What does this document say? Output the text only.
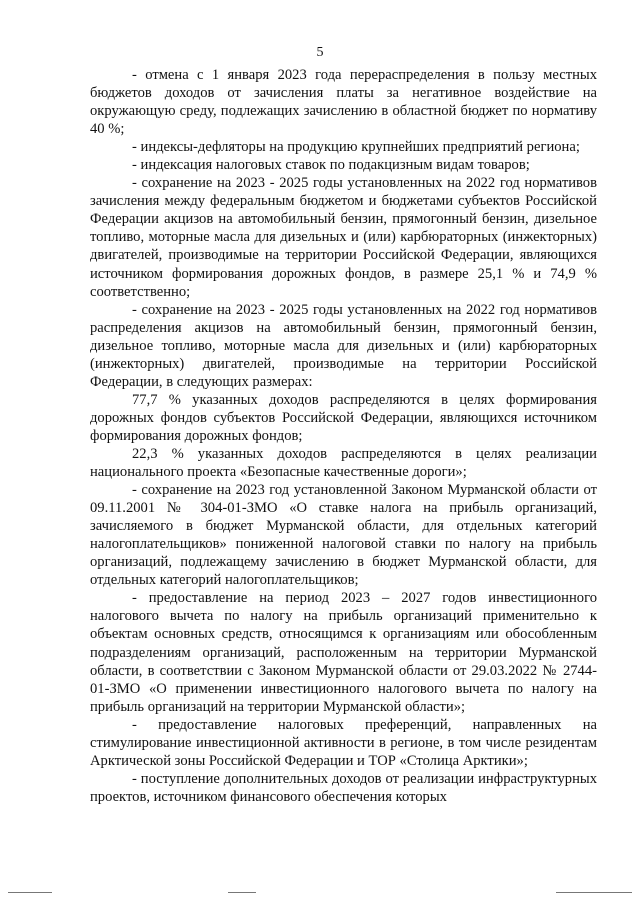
5

- отмена с 1 января 2023 года перераспределения в пользу местных бюджетов доходов от зачисления платы за негативное воздействие на окружающую среду, подлежащих зачислению в областной бюджет по нормативу 40 %;

- индексы-дефляторы на продукцию крупнейших предприятий региона;

- индексация налоговых ставок по подакцизным видам товаров;

- сохранение на 2023 - 2025 годы установленных на 2022 год нормативов зачисления между федеральным бюджетом и бюджетами субъектов Российской Федерации акцизов на автомобильный бензин, прямогонный бензин, дизельное топливо, моторные масла для дизельных и (или) карбюраторных (инжекторных) двигателей, производимые на территории Российской Федерации, являющихся источником формирования дорожных фондов, в размере 25,1 % и 74,9 % соответственно;

- сохранение на 2023 - 2025 годы установленных на 2022 год нормативов распределения акцизов на автомобильный бензин, прямогонный бензин, дизельное топливо, моторные масла для дизельных и (или) карбюраторных (инжекторных) двигателей, производимые на территории Российской Федерации, в следующих размерах:

77,7 % указанных доходов распределяются в целях формирования дорожных фондов субъектов Российской Федерации, являющихся источником формирования дорожных фондов;

22,3 % указанных доходов распределяются в целях реализации национального проекта «Безопасные качественные дороги»;

- сохранение на 2023 год установленной Законом Мурманской области от 09.11.2001 № 304-01-ЗМО «О ставке налога на прибыль организаций, зачисляемого в бюджет Мурманской области, для отдельных категорий налогоплательщиков» пониженной налоговой ставки по налогу на прибыль организаций, подлежащему зачислению в бюджет Мурманской области, для отдельных категорий налогоплательщиков;

- предоставление на период 2023 – 2027 годов инвестиционного налогового вычета по налогу на прибыль организаций применительно к объектам основных средств, относящимся к организациям или обособленным подразделениям организаций, расположенным на территории Мурманской области, в соответствии с Законом Мурманской области от 29.03.2022 № 2744-01-ЗМО «О применении инвестиционного налогового вычета по налогу на прибыль организаций на территории Мурманской области»;

- предоставление налоговых преференций, направленных на стимулирование инвестиционной активности в регионе, в том числе резидентам Арктической зоны Российской Федерации и ТОР «Столица Арктики»;

- поступление дополнительных доходов от реализации инфраструктурных проектов, источником финансового обеспечения которых
